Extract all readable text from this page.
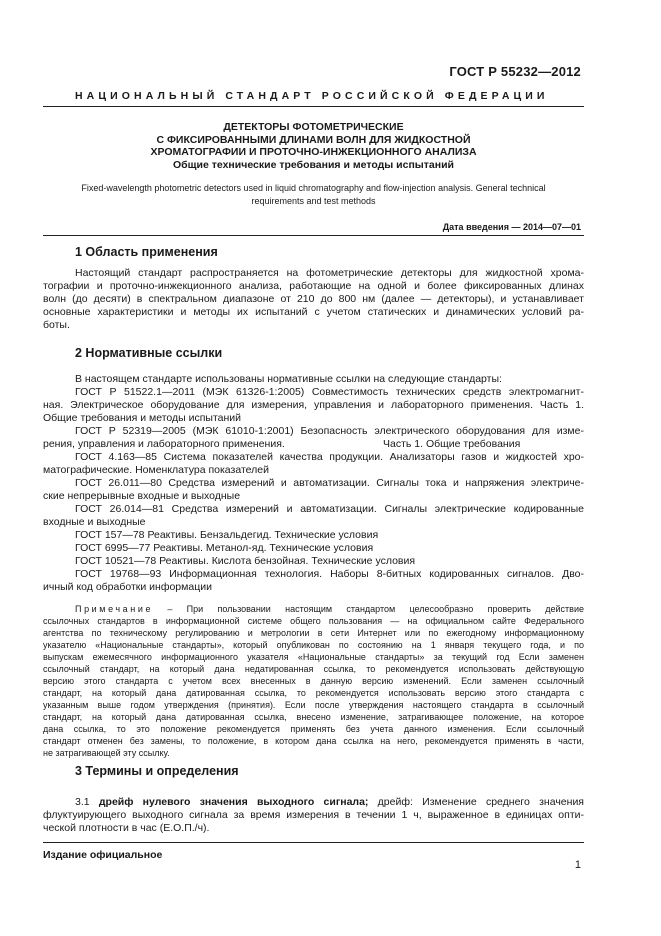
ГОСТ Р 55232—2012
НАЦИОНАЛЬНЫЙ СТАНДАРТ РОССИЙСКОЙ ФЕДЕРАЦИИ
ДЕТЕКТОРЫ ФОТОМЕТРИЧЕСКИЕ
С ФИКСИРОВАННЫМИ ДЛИНАМИ ВОЛН ДЛЯ ЖИДКОСТНОЙ
ХРОМАТОГРАФИИ И ПРОТОЧНО-ИНЖЕКЦИОННОГО АНАЛИЗА
Общие технические требования и методы испытаний
Fixed-wavelength photometric detectors used in liquid chromatography and flow-injection analysis. General technical
requirements and test methods
Дата введения — 2014—07—01
1 Область применения
Настоящий стандарт распространяется на фотометрические детекторы для жидкостной хрома-
тографии и проточно-инжекционного анализа, работающие на одной и более фиксированных длинах
волн (до десяти) в спектральном диапазоне от 210 до 800 нм (далее — детекторы), и устанавливает
основные характеристики и методы их испытаний с учетом статических и динамических условий ра-
боты.
2 Нормативные ссылки
В настоящем стандарте использованы нормативные ссылки на следующие стандарты:
ГОСТ Р 51522.1—2011 (МЭК 61326-1:2005) Совместимость технических средств электромагнит-
ная. Электрическое оборудование для измерения, управления и лабораторного применения. Часть 1.
Общие требования и методы испытаний
ГОСТ Р 52319—2005 (МЭК 61010-1:2001) Безопасность электрического оборудования для изме-
рения, управления и лабораторного применения.	Часть 1. Общие требования
ГОСТ 4.163—85 Система показателей качества продукции. Анализаторы газов и жидкостей хро-
матографические. Номенклатура показателей
ГОСТ 26.011—80 Средства измерений и автоматизации. Сигналы тока и напряжения электриче-
ские непрерывные входные и выходные
ГОСТ 26.014—81 Средства измерений и автоматизации. Сигналы электрические кодированные
входные и выходные
ГОСТ 157—78 Реактивы. Бензальдегид. Технические условия
ГОСТ 6995—77 Реактивы. Метанол-яд. Технические условия
ГОСТ 10521—78 Реактивы. Кислота бензойная. Технические условия
ГОСТ 19768—93 Информационная технология. Наборы 8-битных кодированных сигналов. Дво-
ичный код обработки информации
Примечание – При пользовании настоящим стандартом целесообразно проверить действие
ссылочных стандартов в информационной системе общего пользования — на официальном сайте Федерального
агентства по техническому регулированию и метрологии в сети Интернет или по ежегодному информационному
указателю «Национальные стандарты», который опубликован по состоянию на 1 января текущего года, и по
выпускам ежемесячного информационного указателя «Национальные стандарты» за текущий год Если заменен
ссылочный стандарт, на который дана недатированная ссылка, то рекомендуется использовать действующую
версию этого стандарта с учетом всех внесенных в данную версию изменений. Если заменен ссылочный
стандарт, на который дана датированная ссылка, то рекомендуется использовать версию этого стандарта с
указанным выше годом утверждения (принятия). Если после утверждения настоящего стандарта в ссылочный
стандарт, на который дана датированная ссылка, внесено изменение, затрагивающее положение, на которое
дана ссылка, то это положение рекомендуется применять без учета данного изменения. Если ссылочный
стандарт отменен без замены, то положение, в котором дана ссылка на него, рекомендуется применять в части,
не затрагивающей эту ссылку.
3 Термины и определения
3.1 дрейф нулевого значения выходного сигнала; дрейф: Изменение среднего значения
флуктуирующего выходного сигнала за время измерения в течении 1 ч, выраженное в единицах опти-
ческой плотности в час (Е.О.П./ч).
Издание официальное
1
